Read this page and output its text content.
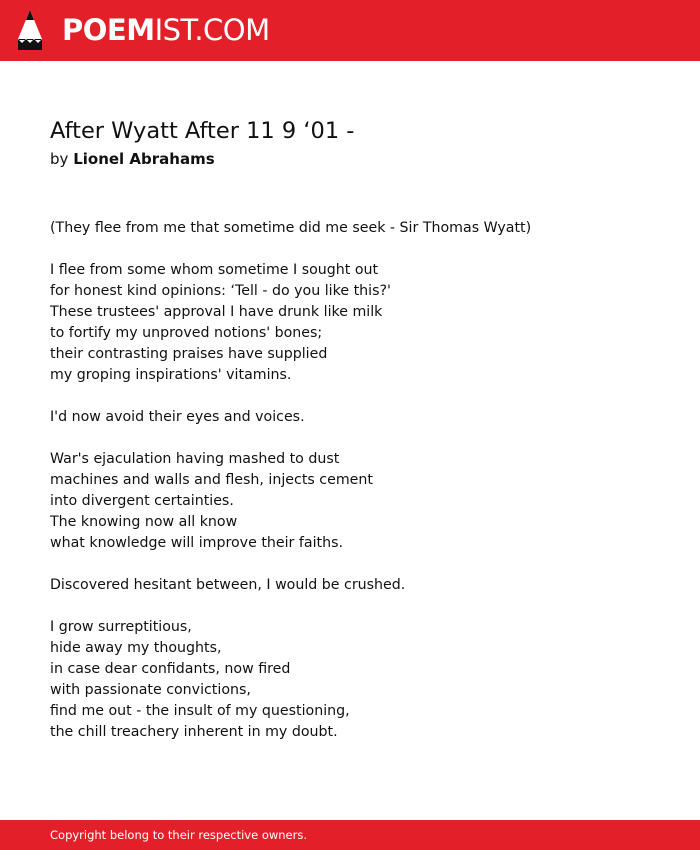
POEMIST.COM
After Wyatt After 11 9 ‘01 -
by Lionel Abrahams
(They flee from me that sometime did me seek - Sir Thomas Wyatt)
I flee from some whom sometime I sought out
for honest kind opinions: ‘Tell - do you like this?'
These trustees' approval I have drunk like milk
to fortify my unproved notions' bones;
their contrasting praises have supplied
my groping inspirations' vitamins.
I'd now avoid their eyes and voices.
War's ejaculation having mashed to dust
machines and walls and flesh, injects cement
into divergent certainties.
The knowing now all know
what knowledge will improve their faiths.
Discovered hesitant between, I would be crushed.
I grow surreptitious,
hide away my thoughts,
in case dear confidants, now fired
with passionate convictions,
find me out - the insult of my questioning,
the chill treachery inherent in my doubt.
Copyright belong to their respective owners.
